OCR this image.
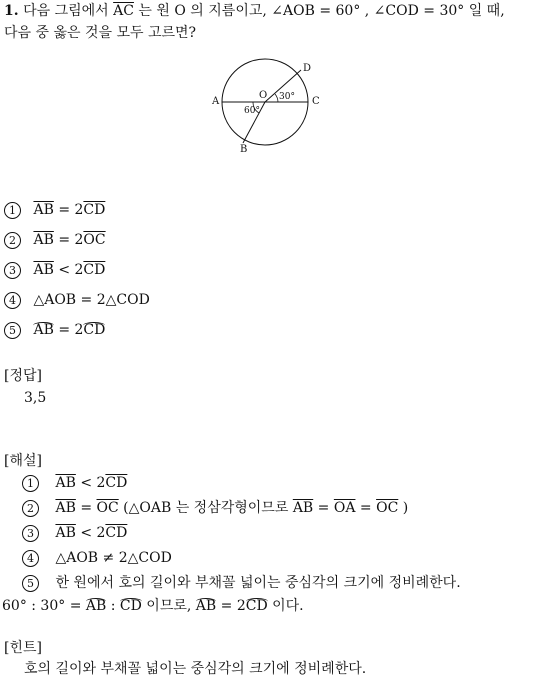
1. 다음 그림에서 $\overline{AC}$ 는 원 O 의 지름이고, ∠AOB = 60° , ∠COD = 30° 일 때,
다음 중 옳은 것을 모두 고르면?
A	C
D
B
O 30°
60°
1 $\overline{AB} = 2\overline{CD}$
2 $\overline{AB} = 2\overline{OC}$
3 $\overline{AB} < 2\overline{CD}$
4 △AOB = 2△COD
5 AB = 2CD
[정답]
3,5
[해설]
1 $\overline{AB} < 2\overline{CD}$
2 $\overline{AB} = \overline{OC}$ (△OAB 는 정삼각형이므로 $\overline{AB} = \overline{OA} = \overline{OC}$ )
3 $\overline{AB} < 2\overline{CD}$
4 △AOB ≠ 2△COD
5 한 원에서 호의 길이와 부채꼴 넓이는 중심각의 크기에 정비례한다.
60° : 30° = AB : CD 이므로, AB = 2CD 이다.
[힌트]
호의 길이와 부채꼴 넓이는 중심각의 크기에 정비례한다.
